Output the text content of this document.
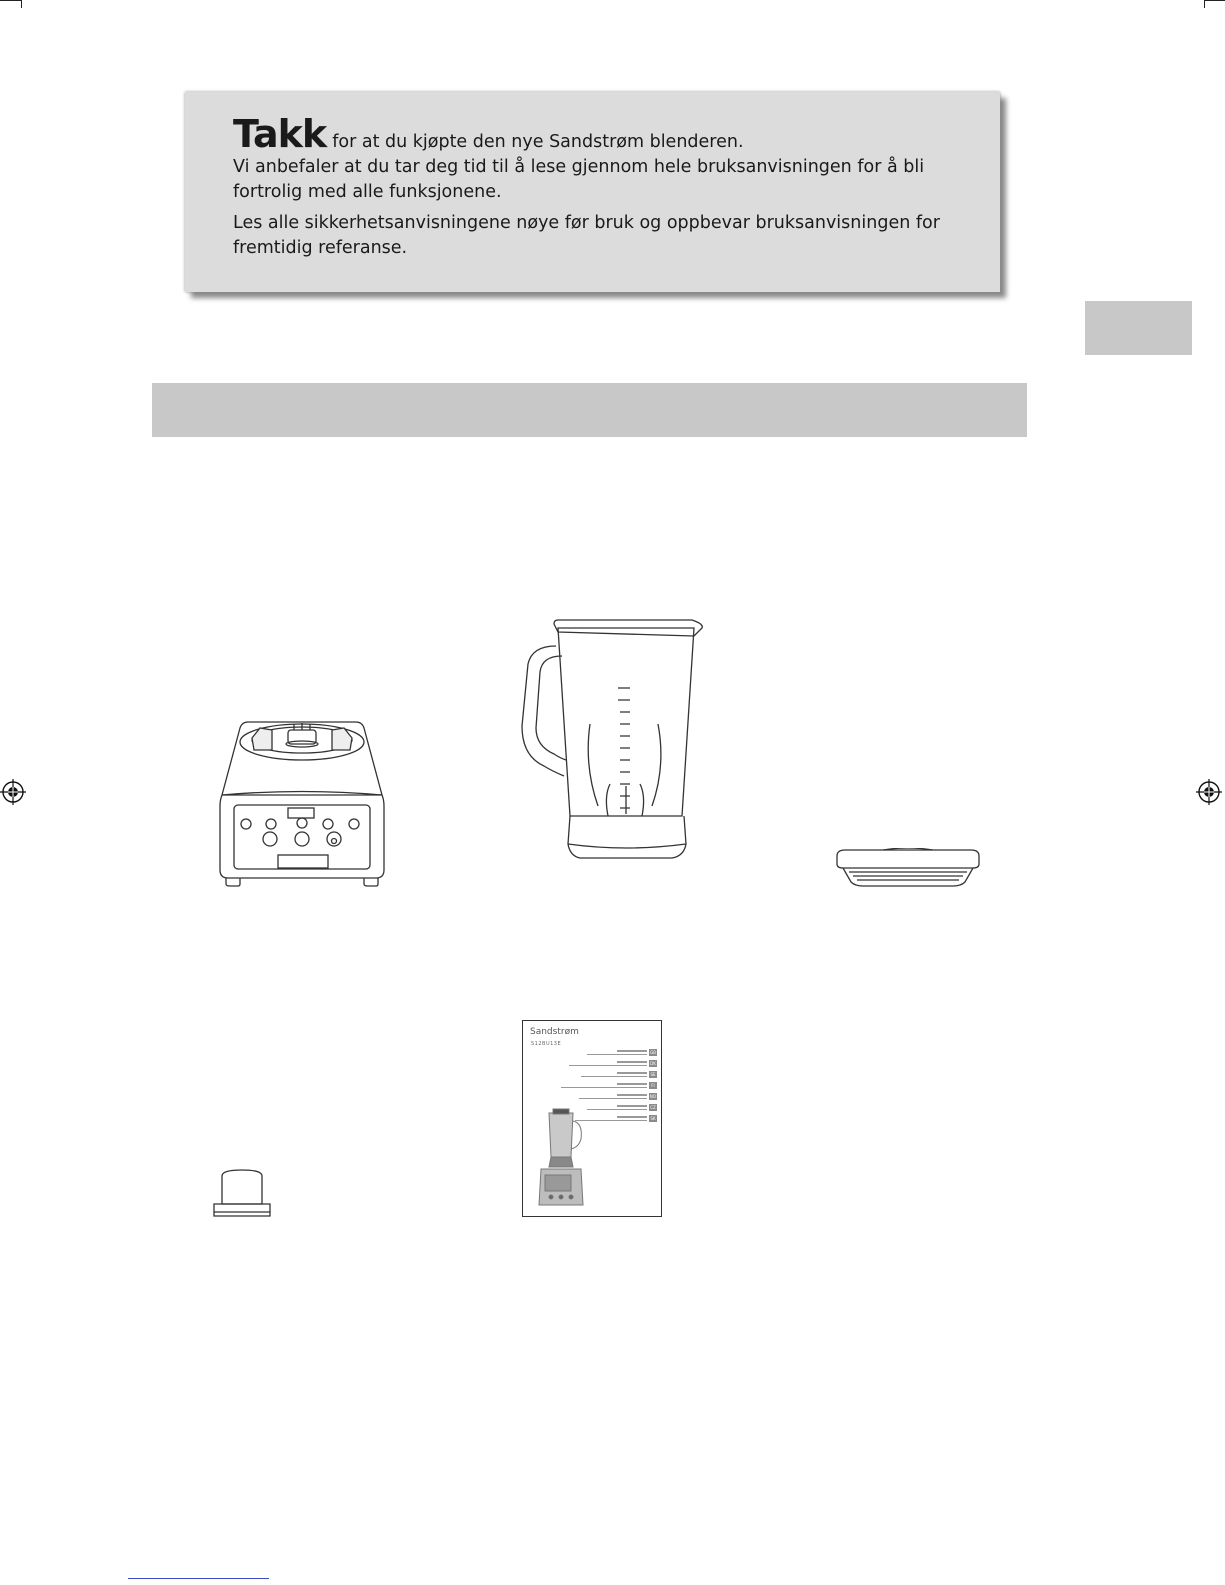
Takk for at du kjøpte den nye Sandstrøm blenderen.

Vi anbefaler at du tar deg tid til å lese gjennom hele bruksanvisningen for å bli fortrolig med alle funksjonene.

Les alle sikkerhetsanvisningene nøye før bruk og oppbevar bruksanvisningen for fremtidig referanse.

Sandstrøm
S12BU13E
GB
DK
SE
FI
NO
CZ
SK
